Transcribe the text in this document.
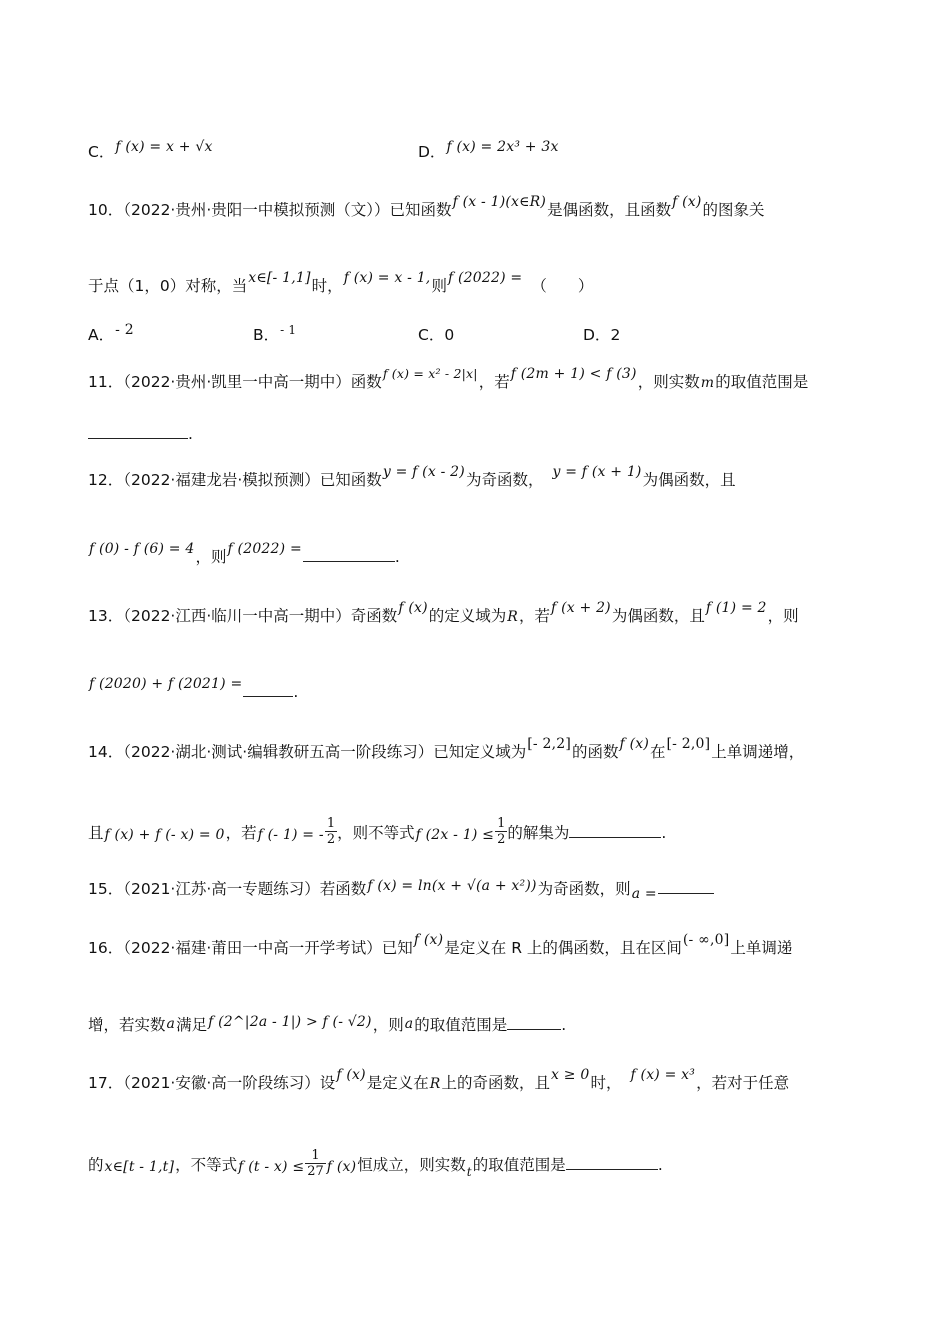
C．f (x) = x + √x	D．f (x) = 2x³ + 3x
10．（2022·贵州·贵阳一中模拟预测（文））已知函数f (x - 1)(x∈R)是偶函数，且函数f (x)的图象关
于点（1，0）对称，当x∈[- 1,1]时，f (x) = x - 1,则f (2022) = （　　）
A．- 2	B．$^{- 1}$	C．0	D．2
11．（2022·贵州·凯里一中高一期中）函数$^{f (x) = x^2 - 2|x|}$，若f (2m + 1) < f (3)，则实数m的取值范围是
.
12．（2022·福建龙岩·模拟预测）已知函数y = f (x - 2)为奇函数， y = f (x + 1)为偶函数，且
f (0) - f (6) = 4，则f (2022) =	.
13．（2022·江西·临川一中高一期中）奇函数f (x)的定义域为R，若f (x + 2)为偶函数，且f (1) = 2，则
f (2020) + f (2021) =	.
14．（2022·湖北·测试·编辑教研五高一阶段练习）已知定义域为[- 2,2]的函数f (x)在[- 2,0]上单调递增，
且f (x) + f (- x) = 0，若f (- 1) = - $\frac{1}{2}$ ，则不等式f $(2x - 1) \le \frac{1}{2}$ 的解集为	.
15．（2021·江苏·高一专题练习）若函数f (x) = ln(x + √(a + x²))为奇函数，则a =
16．（2022·福建·莆田一中高一开学考试）已知f (x)是定义在 R 上的偶函数，且在区间(- ∞,0]上单调递
增，若实数a满足f (2^|2a - 1|) > f (- √2)，则a的取值范围是	.
17．（2021·安徽·高一阶段练习）设f (x)是定义在R上的奇函数，且x ≥ 0时， f (x) = x³，若对于任意
的x∈[t - 1,t]，不等式f $(t - x) \le \frac{1}{27}$ f (x)恒成立，则实数$_t$的取值范围是	.
